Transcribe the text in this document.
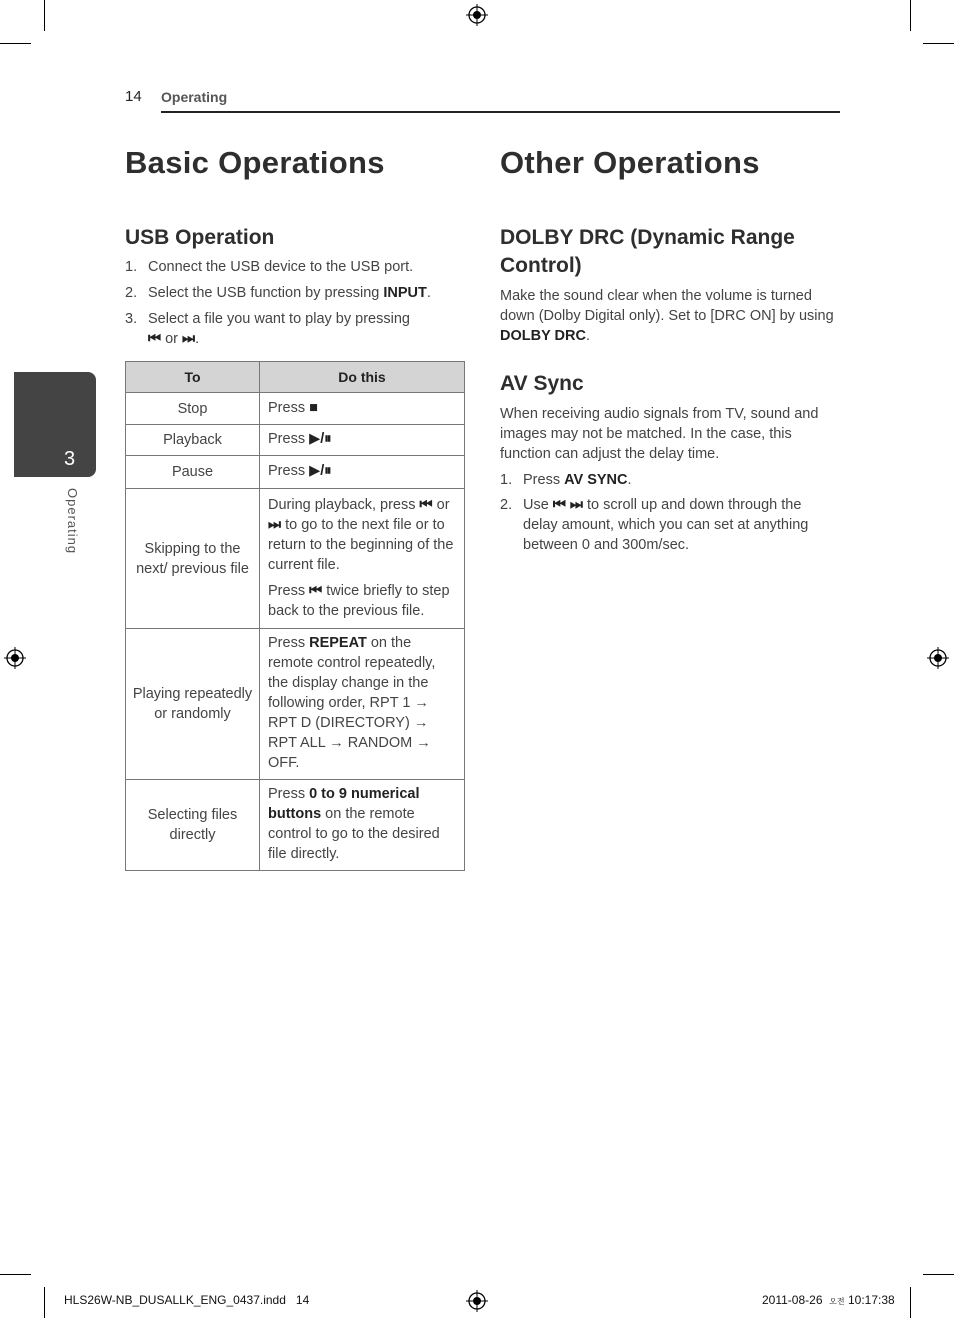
14 Operating
3
Operating
Basic Operations
USB Operation
1. Connect the USB device to the USB port.
2. Select the USB function by pressing INPUT.
3. Select a file you want to play by pressing
⏮ or ⏭.
To	Do this
Stop	Press ■
Playback	Press ▶/⏸
Pause	Press ▶/⏸
Skipping to the next/ previous file	During playback, press ⏮ or ⏭ to go to the next file or to return to the beginning of the current file.
Press ⏮ twice briefly to step back to the previous file.

Playing repeatedly or randomly	Press REPEAT on the remote control repeatedly, the display change in the following order, RPT 1 → RPT D (DIRECTORY) → RPT ALL → RANDOM → OFF.
Selecting files directly	Press 0 to 9 numerical buttons on the remote control to go to the desired file directly.
Other Operations
DOLBY DRC (Dynamic Range
Control)
Make the sound clear when the volume is turned down (Dolby Digital only). Set to [DRC ON] by using DOLBY DRC.
AV Sync
When receiving audio signals from TV, sound and images may not be matched. In the case, this function can adjust the delay time.
1. Press AV SYNC.
2. Use ⏮ ⏭ to scroll up and down through the delay amount, which you can set at anything between 0 and 300m/sec.
HLS26W-NB_DUSALLK_ENG_0437.indd   14	2011-08-26 오전 10:17:38
